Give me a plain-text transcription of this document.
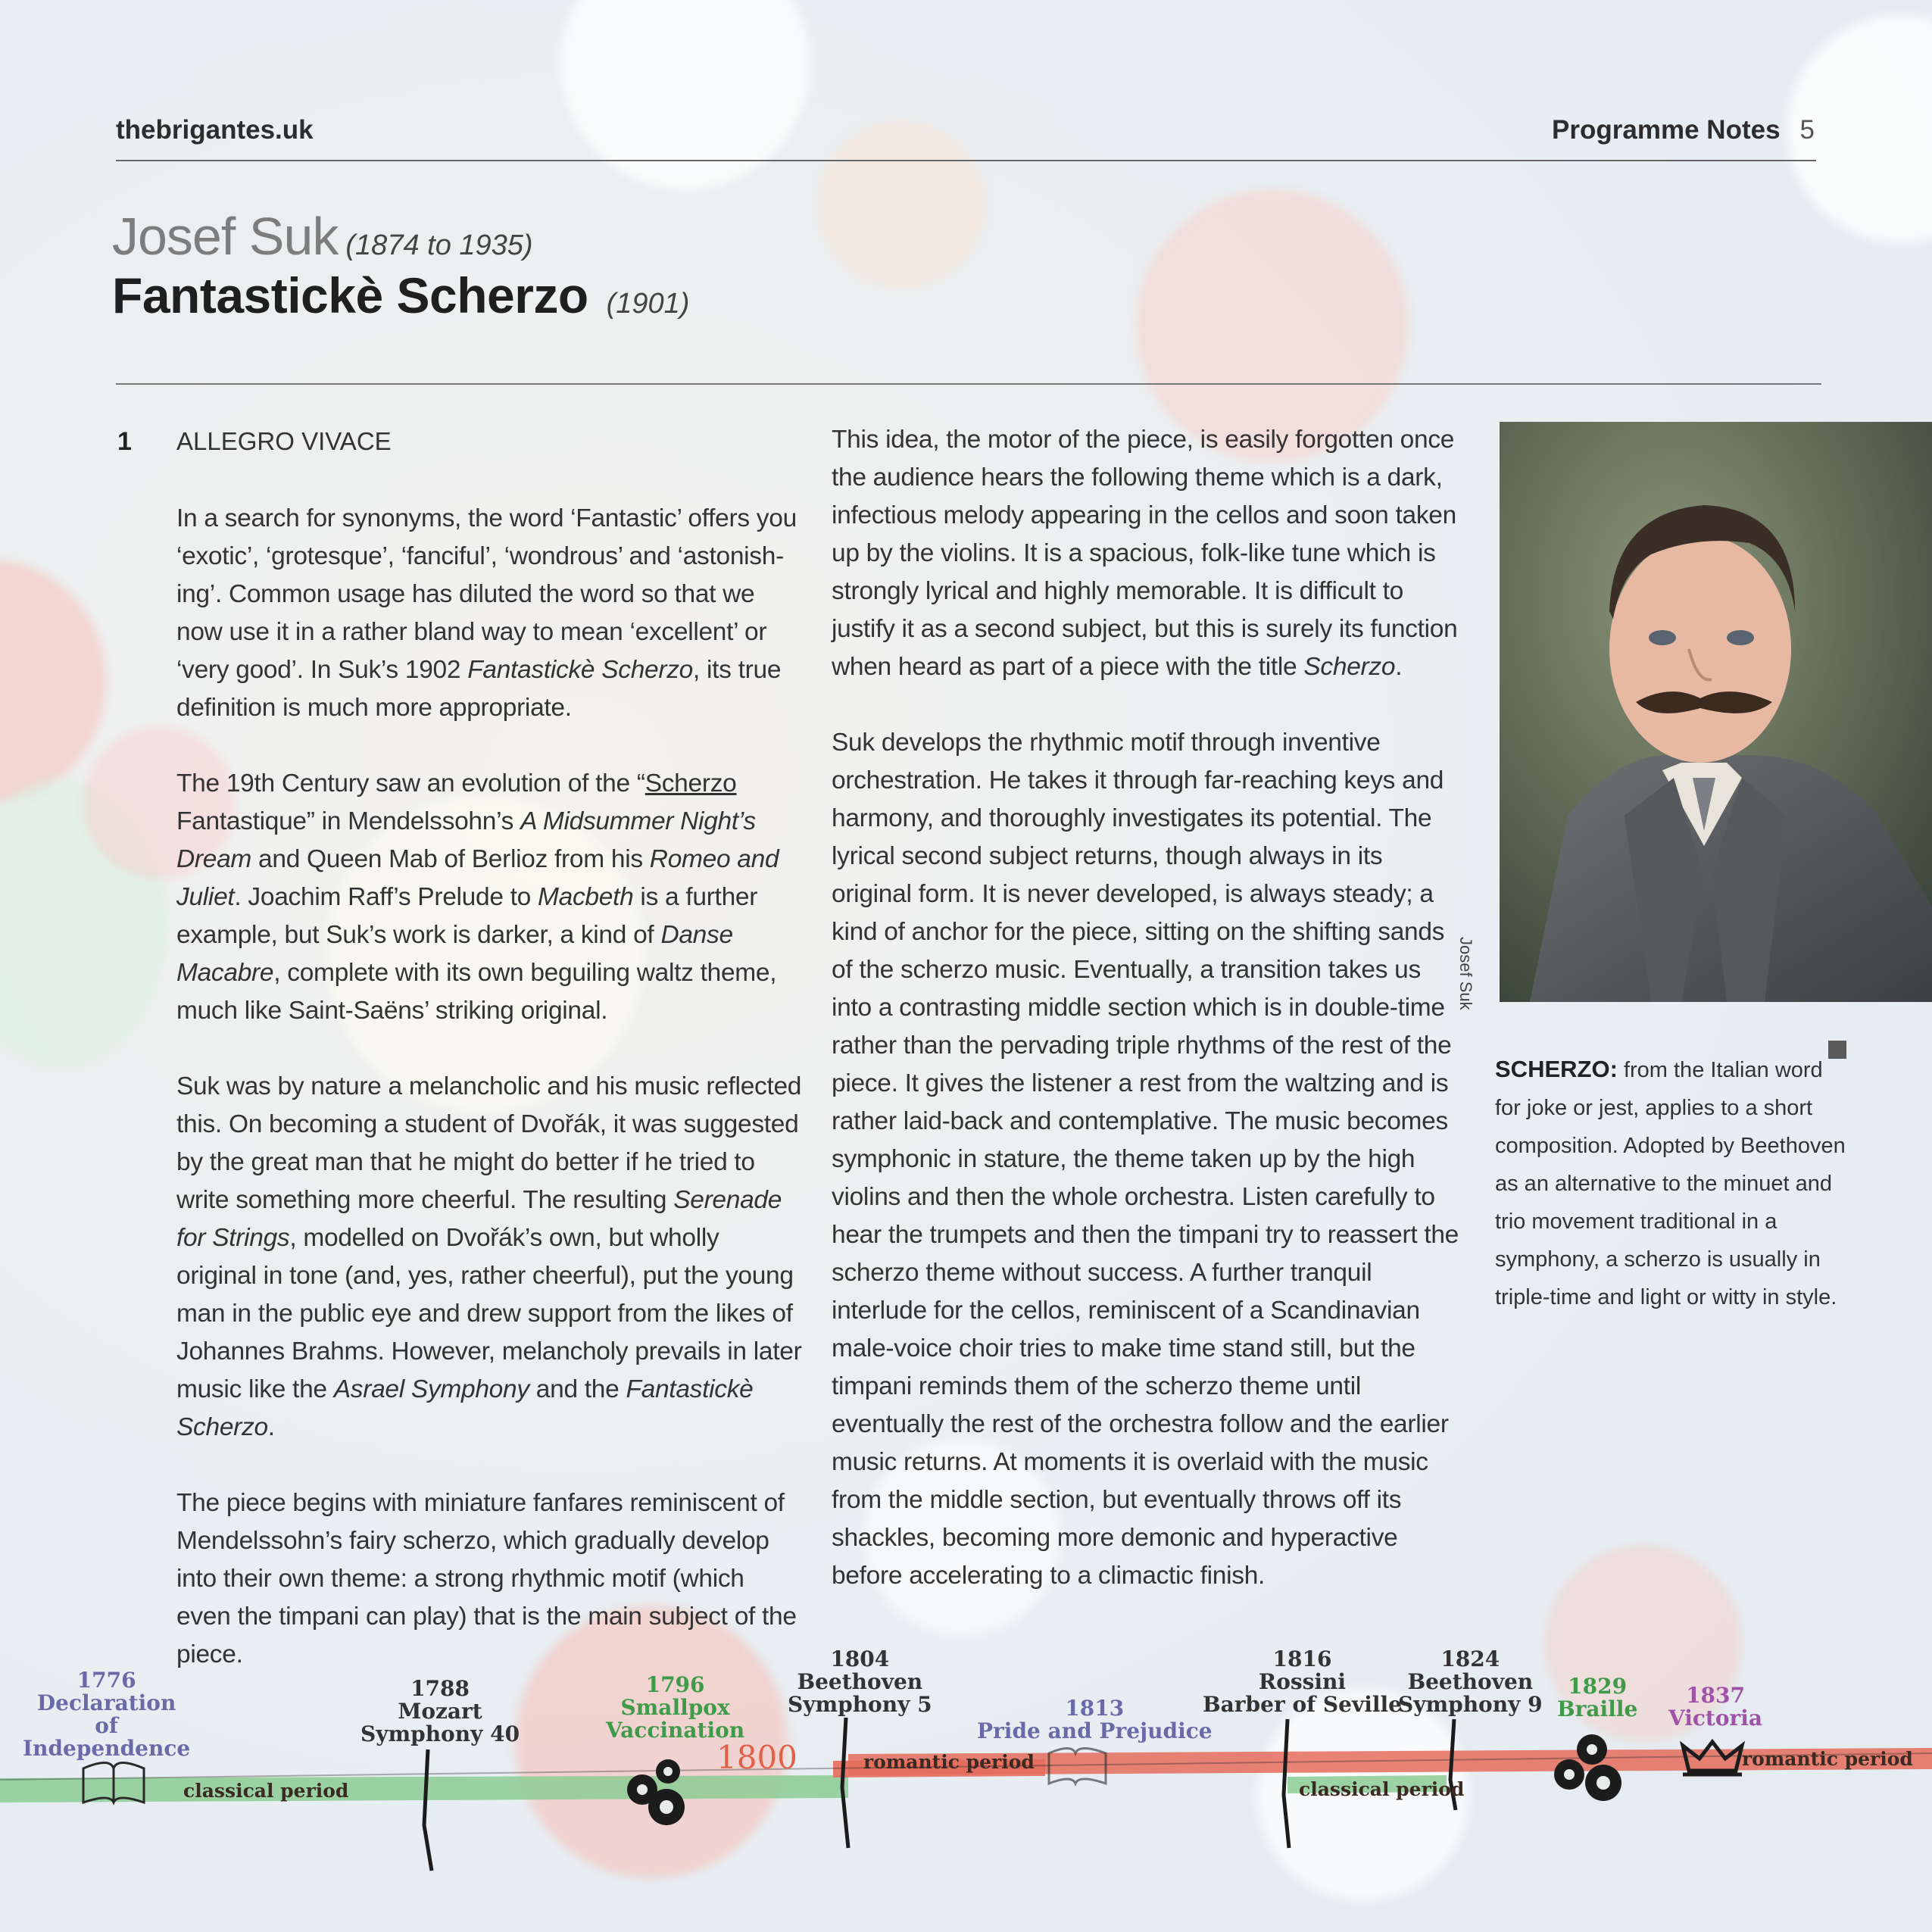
thebrigantes.uk	Programme Notes 5
Josef Suk (1874 to 1935)
Fantastickè Scherzo (1901)
1 ALLEGRO VIVACE

In a search for synonyms, the word ‘Fantastic’ offers you ‘exotic’, ‘grotesque’, ‘fanciful’, ‘wondrous’ and ‘astonish-ing’. Common usage has diluted the word so that we now use it in a rather bland way to mean ‘excellent’ or ‘very good’. In Suk’s 1902 Fantastickè Scherzo, its true definition is much more appropriate.

The 19th Century saw an evolution of the “Scherzo Fantastique” in Mendelssohn’s A Midsummer Night’s Dream and Queen Mab of Berlioz from his Romeo and Juliet. Joachim Raff’s Prelude to Macbeth is a further example, but Suk’s work is darker, a kind of Danse Macabre, complete with its own beguiling waltz theme, much like Saint-Saëns’ striking original.

Suk was by nature a melancholic and his music reflected this. On becoming a student of Dvořák, it was suggested by the great man that he might do better if he tried to write something more cheerful. The resulting Serenade for Strings, modelled on Dvořák’s own, but wholly original in tone (and, yes, rather cheerful), put the young man in the public eye and drew support from the likes of Johannes Brahms. However, melancholy prevails in later music like the Asrael Symphony and the Fantastickè Scherzo.

The piece begins with miniature fanfares reminiscent of Mendelssohn’s fairy scherzo, which gradually develop into their own theme: a strong rhythmic motif (which even the timpani can play) that is the main subject of the piece.

This idea, the motor of the piece, is easily forgotten once the audience hears the following theme which is a dark, infectious melody appearing in the cellos and soon taken up by the violins. It is a spacious, folk-like tune which is strongly lyrical and highly memorable. It is difficult to justify it as a second subject, but this is surely its function when heard as part of a piece with the title Scherzo.

Suk develops the rhythmic motif through inventive orchestration. He takes it through far-reaching keys and harmony, and thoroughly investigates its potential. The lyrical second subject returns, though always in its original form. It is never developed, is always steady; a kind of anchor for the piece, sitting on the shifting sands of the scherzo music. Eventually, a transition takes us into a contrasting middle section which is in double-time rather than the pervading triple rhythms of the rest of the piece. It gives the listener a rest from the waltzing and is rather laid-back and contemplative. The music becomes symphonic in stature, the theme taken up by the high violins and then the whole orchestra. Listen carefully to hear the trumpets and then the timpani try to reassert the scherzo theme without success. A further tranquil interlude for the cellos, reminiscent of a Scandinavian male-voice choir tries to make time stand still, but the timpani reminds them of the scherzo theme until eventually the rest of the orchestra follow and the earlier music returns. At moments it is overlaid with the music from the middle section, but eventually throws off its shackles, becoming more demonic and hyperactive before accelerating to a climactic finish.

Josef Suk
SCHERZO: from the Italian word for joke or jest, applies to a short composition. Adopted by Beethoven as an alternative to the minuet and trio movement traditional in a symphony, a scherzo is usually in triple-time and light or witty in style.
1776
Declaration
of
Independence
1788
Mozart
Symphony 40
1796
Smallpox
Vaccination
1804
Beethoven
Symphony 5	1813
Pride and Prejudice
1816
Rossini
Barber of Seville
1824
Beethoven
Symphony 9
1829
Braille
1837
Victoria
1800
classical period
romantic period
classical period
romantic period
